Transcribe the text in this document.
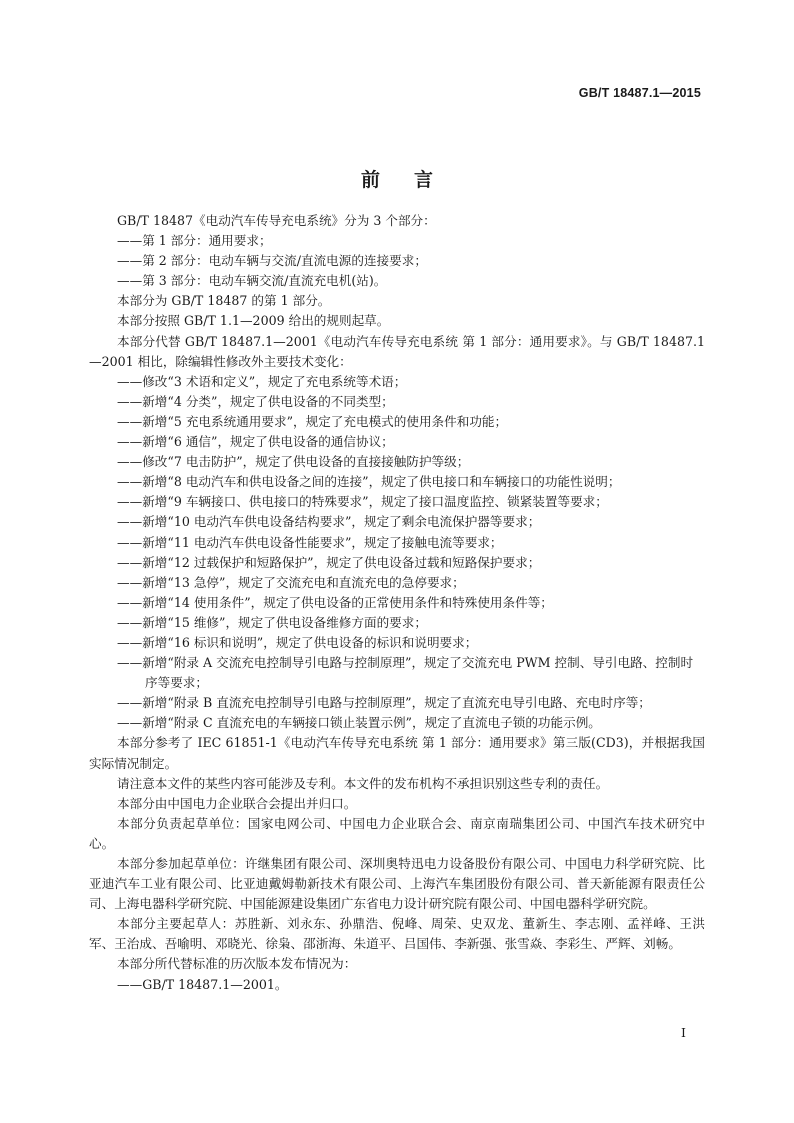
GB/T 18487.1—2015
前言

GB/T 18487《电动汽车传导充电系统》分为 3 个部分：

——第 1 部分：通用要求；

——第 2 部分：电动车辆与交流/直流电源的连接要求；

——第 3 部分：电动车辆交流/直流充电机(站)。

本部分为 GB/T 18487 的第 1 部分。

本部分按照 GB/T 1.1—2009 给出的规则起草。

本部分代替 GB/T 18487.1—2001《电动汽车传导充电系统 第 1 部分：通用要求》。与 GB/T 18487.1—2001 相比，除编辑性修改外主要技术变化：

——修改“3 术语和定义”，规定了充电系统等术语；

——新增“4 分类”，规定了供电设备的不同类型；

——新增“5 充电系统通用要求”，规定了充电模式的使用条件和功能；

——新增“6 通信”，规定了供电设备的通信协议；

——修改“7 电击防护”，规定了供电设备的直接接触防护等级；

——新增“8 电动汽车和供电设备之间的连接”，规定了供电接口和车辆接口的功能性说明；

——新增“9 车辆接口、供电接口的特殊要求”，规定了接口温度监控、锁紧装置等要求；

——新增“10 电动汽车供电设备结构要求”，规定了剩余电流保护器等要求；

——新增“11 电动汽车供电设备性能要求”，规定了接触电流等要求；

——新增“12 过载保护和短路保护”，规定了供电设备过载和短路保护要求；

——新增“13 急停”，规定了交流充电和直流充电的急停要求；

——新增“14 使用条件”，规定了供电设备的正常使用条件和特殊使用条件等；

——新增“15 维修”，规定了供电设备维修方面的要求；

——新增“16 标识和说明”，规定了供电设备的标识和说明要求；

——新增“附录 A 交流充电控制导引电路与控制原理”，规定了交流充电 PWM 控制、导引电路、控制时序等要求；

——新增“附录 B 直流充电控制导引电路与控制原理”，规定了直流充电导引电路、充电时序等；

——新增“附录 C 直流充电的车辆接口锁止装置示例”，规定了直流电子锁的功能示例。

本部分参考了 IEC 61851-1《电动汽车传导充电系统 第 1 部分：通用要求》第三版(CD3)，并根据我国实际情况制定。

请注意本文件的某些内容可能涉及专利。本文件的发布机构不承担识别这些专利的责任。

本部分由中国电力企业联合会提出并归口。

本部分负责起草单位：国家电网公司、中国电力企业联合会、南京南瑞集团公司、中国汽车技术研究中心。

本部分参加起草单位：许继集团有限公司、深圳奥特迅电力设备股份有限公司、中国电力科学研究院、比亚迪汽车工业有限公司、比亚迪戴姆勒新技术有限公司、上海汽车集团股份有限公司、普天新能源有限责任公司、上海电器科学研究院、中国能源建设集团广东省电力设计研究院有限公司、中国电器科学研究院。

本部分主要起草人：苏胜新、刘永东、孙鼎浩、倪峰、周荣、史双龙、董新生、李志刚、孟祥峰、王洪军、王治成、吾喻明、邓晓光、徐枭、邵浙海、朱道平、吕国伟、李新强、张雪焱、李彩生、严辉、刘畅。

本部分所代替标准的历次版本发布情况为：

——GB/T 18487.1—2001。

I
